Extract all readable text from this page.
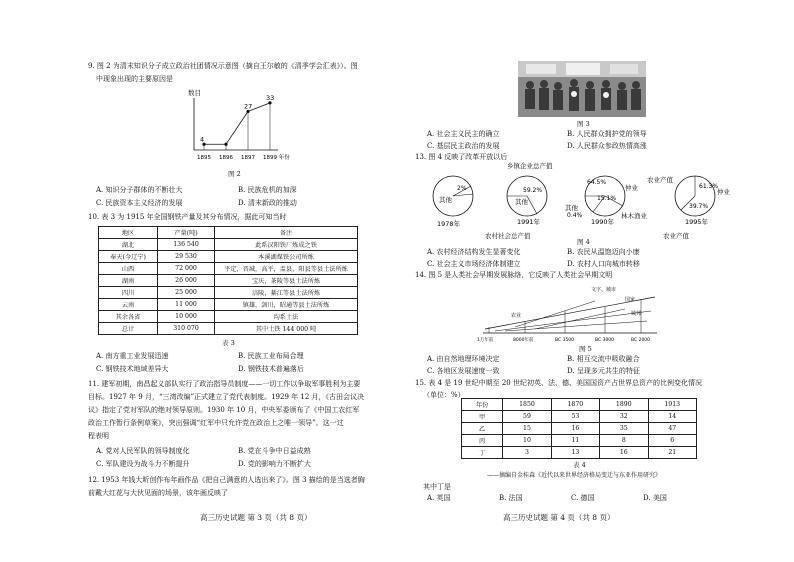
9. 图 2 为清末知识分子成立政治社团情况示意图（摘自王尔敏的《清季学会汇表》）。图
中现象出现的主要原因是
数目
4
1895 1896
27
1897
33
1899 年份
图 2
A. 知识分子群体的不断壮大	B. 民族危机的加深
C. 民族资本主义经济的发展	D. 清末新政的推动
10. 表 3 为 1915 年全国钢铁产量及其分布情况，据此可知当时
地区	产量(吨)	备注
湖北	136 540	此系汉阳铁厂炼成之铁
奉天(今辽宁)	29 530	本溪湖煤铁公司所炼
山西	72 000	平定，晋城，高平，盂县，阳县等县土法所炼
湖南	26 000	宝庆，茶陵等县土法所炼
四川	25 000	涪陵，綦江等县土法所炼
云南	11 000	镇雄，剑川，昭通等县土法所炼
其余各省	10 000	均系土法
总计	310 070	其中土铁 144 000 吨
表 3
A. 南方重工业发展迅速	B. 民族工业布局合理
C. 钢铁技术地域差异大	D. 钢铁技术普遍落后
11. 建军初期，南昌起义部队实行了政治指导员制度——一切工作以争取军事胜利为主要
目标。1927 年 9 月，“三湾改编”正式建立了党代表制度。1929 年 12 月，《古田会议决
议》指定了党对军队的绝对领导原则。1930 年 10 月，中央军委颁布了《中国工农红军
政治工作暂行条例草案》，突出强调“红军中只允许党在政治上之唯一领导”。这一过
程表明
A. 党对人民军队的领导制度化	B. 党在斗争中日益成熟
C. 军队建设为战斗力不断提升	D. 党的影响力不断扩大
12. 1953 年钱大昕创作布年画作品《把自己满意的人选出来了》。图 3 描绘的是当选者胸
前戴大红花与大伙见面的场景，该年画反映了
高三历史试题 第 3 页（共 8 页）
图 3
A. 社会主义民主的确立	B. 人民群众拥护党的领导
C. 基层民主政治的发展	D. 人民群众参政热情高涨
13. 图 4 反映了改革开放以后
乡镇企业总产值
农业产值
2%	59.2%
64.5%
15.1%
0.4%
61.3%
39.7%
其他	其他
仲业
其他
林木渔业
仲业
1978年	1991年	1990年	1995年
农村社会总产值	农业产值
图 4
A. 农村经济结构发生显著变化	B. 农民从温饱迈向小康
C. 社会主义市场经济体制建立	D. 农村人口向城市转移
14. 图 5 是人类社会早期发展脉络，它反映了人类社会早期文明
文字、城市
国家
农业	城邦
1万年前	8000年前	BC 3500	BC 3000	BC 2000
图 5
A. 由自然地理环境决定	B. 相互交流中吸收融合
C. 各地区发展速度一致	D. 呈现多元共生的特征
15. 表 4 是 19 世纪中期至 20 世纪初英、法、德、美国国资产占世界总资产的比例变化情况
（单位：%）
年份	1850	1870	1890	1913
甲	59	53	32	14
乙	15	16	35	47
丙	10	11	8	6
丁	3	13	16	21
表 4
——摘编自金桂森《近代以来世界经济格局变迁与东亚作用研究》
其中丁是
A. 英国	B. 法国	C. 德国	D. 美国
高三历史试题 第 4 页（共 8 页）
